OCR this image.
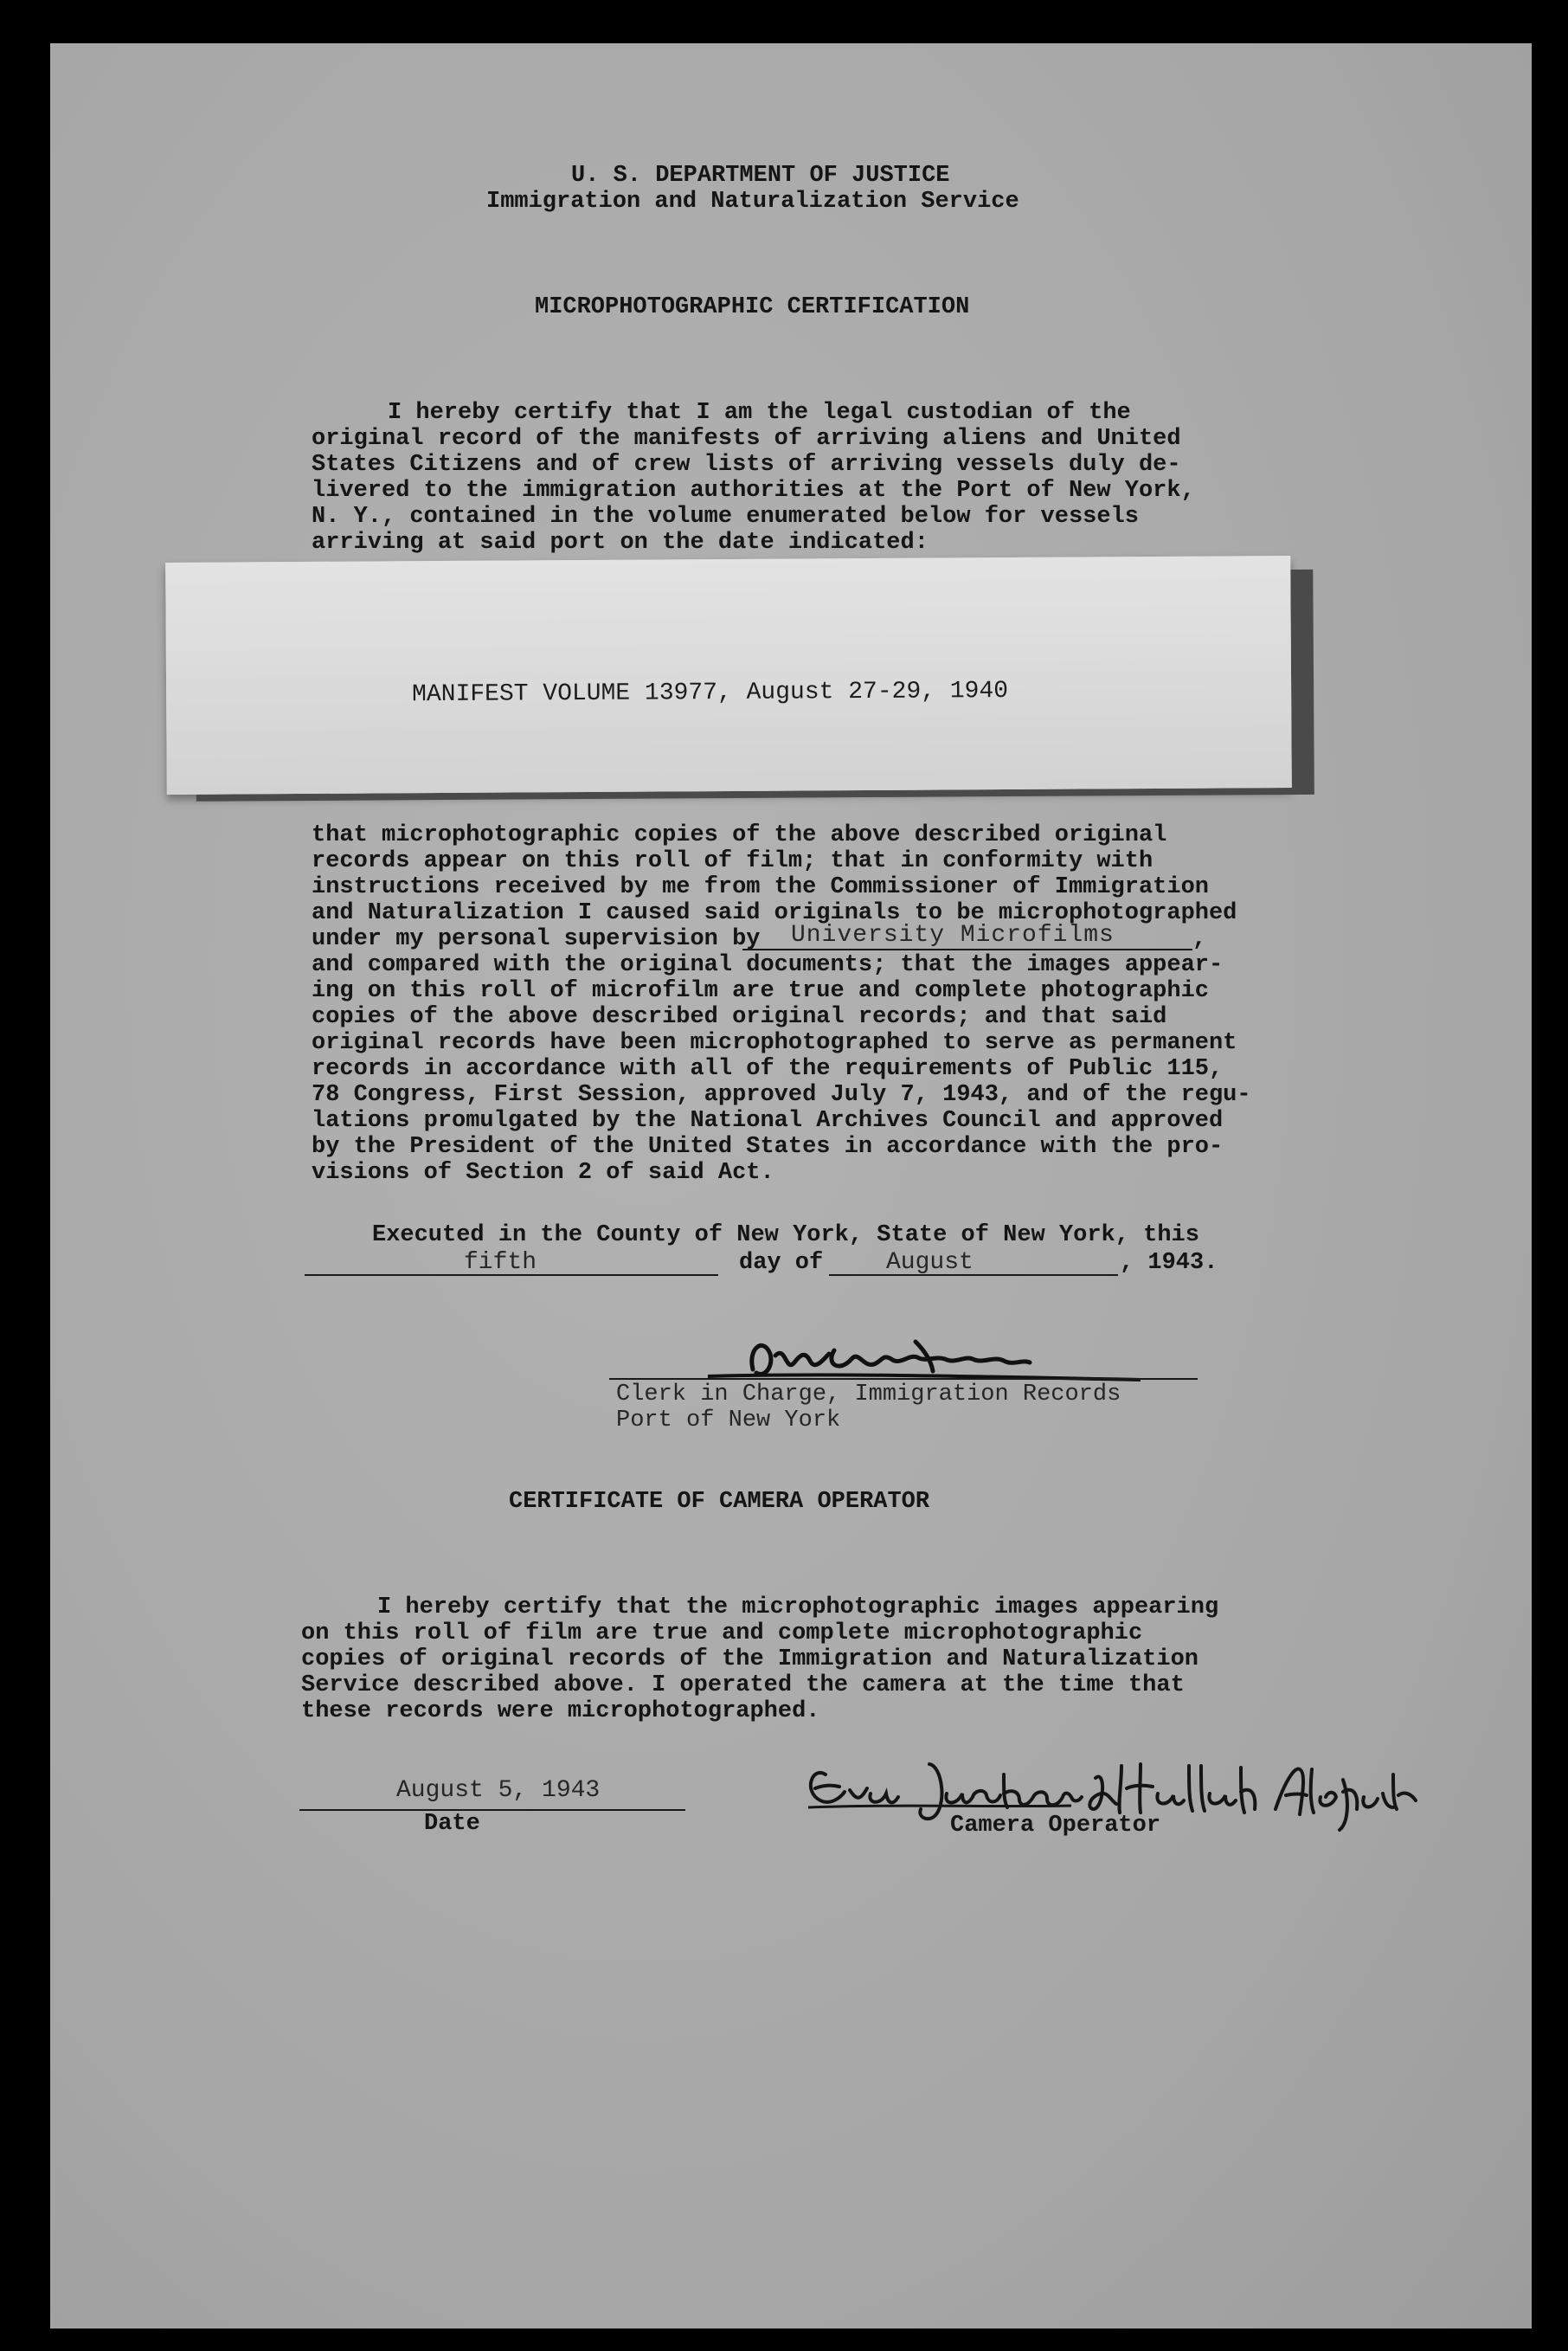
U. S. DEPARTMENT OF JUSTICE
Immigration and Naturalization Service
MICROPHOTOGRAPHIC CERTIFICATION
I hereby certify that I am the legal custodian of the
original record of the manifests of arriving aliens and United
States Citizens and of crew lists of arriving vessels duly de-
livered to the immigration authorities at the Port of New York,
N. Y., contained in the volume enumerated below for vessels
arriving at said port on the date indicated:
MANIFEST VOLUME 13977, August 27-29, 1940
that microphotographic copies of the above described original
records appear on this roll of film; that in conformity with
instructions received by me from the Commissioner of Immigration
and Naturalization I caused said originals to be microphotographed
under my personal supervision by University Microfilms	,
and compared with the original documents; that the images appear-
ing on this roll of microfilm are true and complete photographic
copies of the above described original records; and that said
original records have been microphotographed to serve as permanent
records in accordance with all of the requirements of Public 115,
78 Congress, First Session, approved July 7, 1943, and of the regu-
lations promulgated by the National Archives Council and approved
by the President of the United States in accordance with the pro-
visions of Section 2 of said Act.
Executed in the County of New York, State of New York, this
fifth	day of	August	, 1943.
Clerk in Charge, Immigration Records
Port of New York
CERTIFICATE OF CAMERA OPERATOR
I hereby certify that the microphotographic images appearing
on this roll of film are true and complete microphotographic
copies of original records of the Immigration and Naturalization
Service described above. I operated the camera at the time that
these records were microphotographed.
August 5, 1943
Date	Camera Operator
